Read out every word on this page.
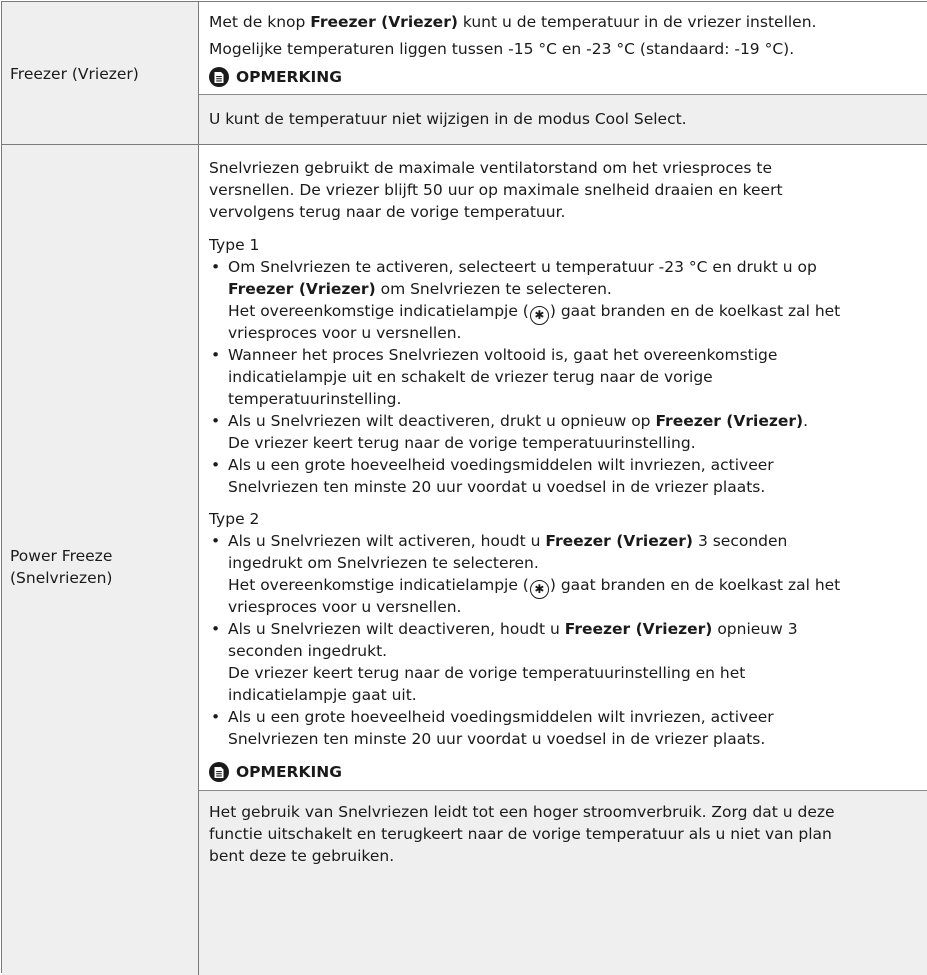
Freezer (Vriezer)
Met de knop Freezer (Vriezer) kunt u de temperatuur in de vriezer instellen.
Mogelijke temperaturen liggen tussen -15 °C en -23 °C (standaard: -19 °C).
OPMERKING
U kunt de temperatuur niet wijzigen in de modus Cool Select.
Power Freeze
(Snelvriezen)
Snelvriezen gebruikt de maximale ventilatorstand om het vriesproces te
versnellen. De vriezer blijft 50 uur op maximale snelheid draaien en keert
vervolgens terug naar de vorige temperatuur.
Type 1
• Om Snelvriezen te activeren, selecteert u temperatuur -23 °C en drukt u op
Freezer (Vriezer) om Snelvriezen te selecteren.
Het overeenkomstige indicatielampje ( ✱ ) gaat branden en de koelkast zal het
vriesproces voor u versnellen.
• Wanneer het proces Snelvriezen voltooid is, gaat het overeenkomstige
indicatielampje uit en schakelt de vriezer terug naar de vorige
temperatuurinstelling.
• Als u Snelvriezen wilt deactiveren, drukt u opnieuw op Freezer (Vriezer).
De vriezer keert terug naar de vorige temperatuurinstelling.
• Als u een grote hoeveelheid voedingsmiddelen wilt invriezen, activeer
Snelvriezen ten minste 20 uur voordat u voedsel in de vriezer plaats.
Type 2
• Als u Snelvriezen wilt activeren, houdt u Freezer (Vriezer) 3 seconden
ingedrukt om Snelvriezen te selecteren.
Het overeenkomstige indicatielampje ( ✱ ) gaat branden en de koelkast zal het
vriesproces voor u versnellen.
• Als u Snelvriezen wilt deactiveren, houdt u Freezer (Vriezer) opnieuw 3
seconden ingedrukt.
De vriezer keert terug naar de vorige temperatuurinstelling en het
indicatielampje gaat uit.
• Als u een grote hoeveelheid voedingsmiddelen wilt invriezen, activeer
Snelvriezen ten minste 20 uur voordat u voedsel in de vriezer plaats.
OPMERKING
Het gebruik van Snelvriezen leidt tot een hoger stroomverbruik. Zorg dat u deze
functie uitschakelt en terugkeert naar de vorige temperatuur als u niet van plan
bent deze te gebruiken.
